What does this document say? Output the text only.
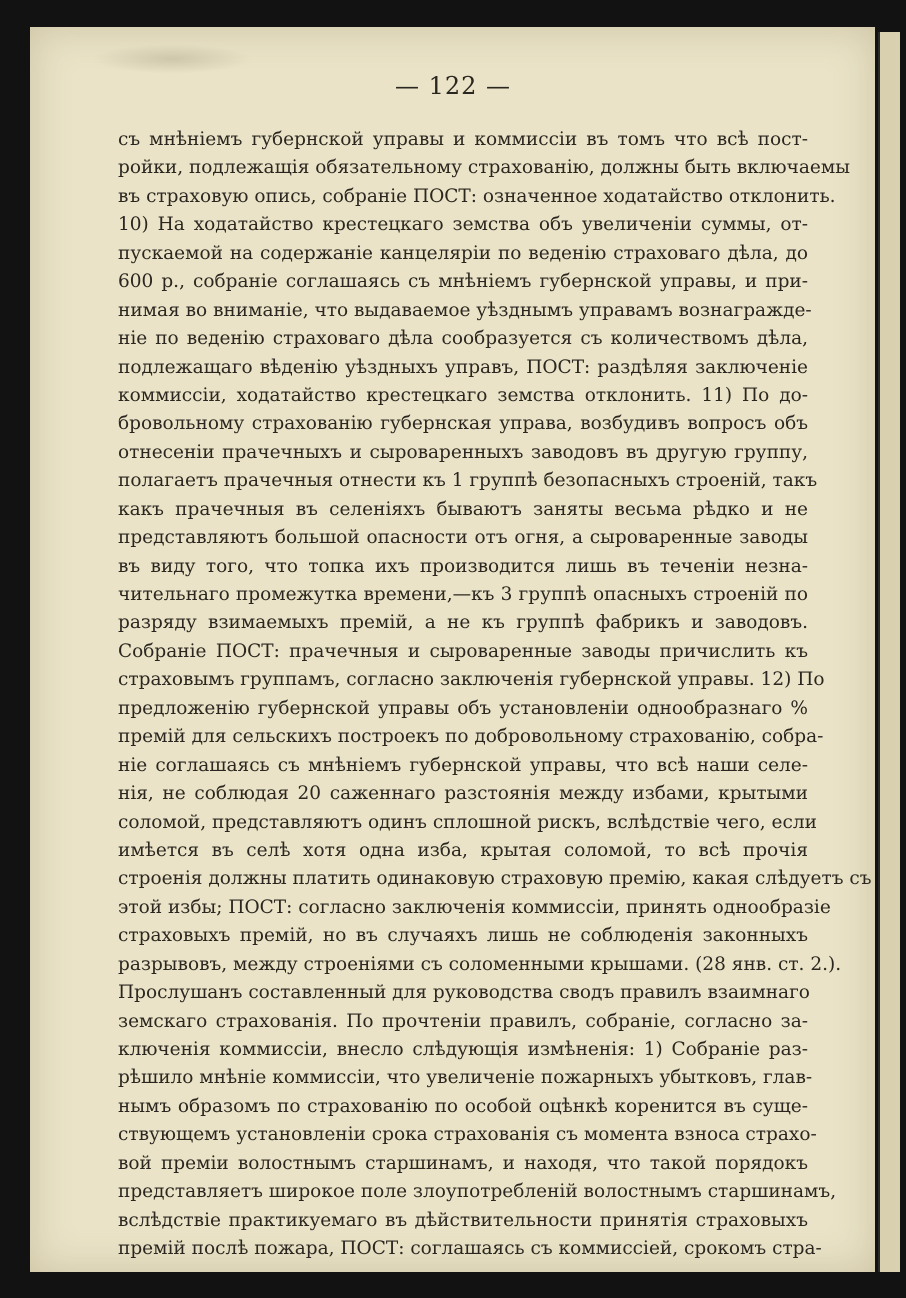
— 122 —
съ мнѣніемъ губернской управы и коммиссіи въ томъ что всѣ пост-
ройки, подлежащія обязательному страхованію, должны быть включаемы
въ страховую опись, собраніе ПОСТ: означенное ходатайство отклонить.
10) На ходатайство крестецкаго земства объ увеличеніи суммы, от-
пускаемой на содержаніе канцеляріи по веденію страховаго дѣла, до
600 р., собраніе соглашаясь съ мнѣніемъ губернской управы, и при-
нимая во вниманіе, что выдаваемое уѣзднымъ управамъ вознагражде-
ніе по веденію страховаго дѣла сообразуется съ количествомъ дѣла,
подлежащаго вѣденію уѣздныхъ управъ, ПОСТ: раздѣляя заключеніе
коммиссіи, ходатайство крестецкаго земства отклонить. 11) По до-
бровольному страхованію губернская управа, возбудивъ вопросъ объ
отнесеніи прачечныхъ и сыроваренныхъ заводовъ въ другую группу,
полагаетъ прачечныя отнести къ 1 группѣ безопасныхъ строеній, такъ
какъ прачечныя въ селеніяхъ бываютъ заняты весьма рѣдко и не
представляютъ большой опасности отъ огня, а сыроваренные заводы
въ виду того, что топка ихъ производится лишь въ теченіи незна-
чительнаго промежутка времени,—къ 3 группѣ опасныхъ строеній по
разряду взимаемыхъ премій, а не къ группѣ фабрикъ и заводовъ.
Собраніе ПОСТ: прачечныя и сыроваренные заводы причислить къ
страховымъ группамъ, согласно заключенія губернской управы. 12) По
предложенію губернской управы объ установленіи однообразнаго %
премій для сельскихъ построекъ по добровольному страхованію, собра-
ніе соглашаясь съ мнѣніемъ губернской управы, что всѣ наши селе-
нія, не соблюдая 20 саженнаго разстоянія между избами, крытыми
соломой, представляютъ одинъ сплошной рискъ, вслѣдствіе чего, если
имѣется въ селѣ хотя одна изба, крытая соломой, то всѣ прочія
строенія должны платить одинаковую страховую премію, какая слѣдуетъ съ
этой избы; ПОСТ: согласно заключенія коммиссіи, принять однообразіе
страховыхъ премій, но въ случаяхъ лишь не соблюденія законныхъ
разрывовъ, между строеніями съ соломенными крышами. (28 янв. ст. 2.).
Прослушанъ составленный для руководства сводъ правилъ взаимнаго
земскаго страхованія. По прочтеніи правилъ, собраніе, согласно за-
ключенія коммиссіи, внесло слѣдующія измѣненія: 1) Собраніе раз-
рѣшило мнѣніе коммиссіи, что увеличеніе пожарныхъ убытковъ, глав-
нымъ образомъ по страхованію по особой оцѣнкѣ коренится въ суще-
ствующемъ установленіи срока страхованія съ момента взноса страхо-
вой преміи волостнымъ старшинамъ, и находя, что такой порядокъ
представляетъ широкое поле злоупотребленій волостнымъ старшинамъ,
вслѣдствіе практикуемаго въ дѣйствительности принятія страховыхъ
премій послѣ пожара, ПОСТ: соглашаясь съ коммиссіей, срокомъ стра-
